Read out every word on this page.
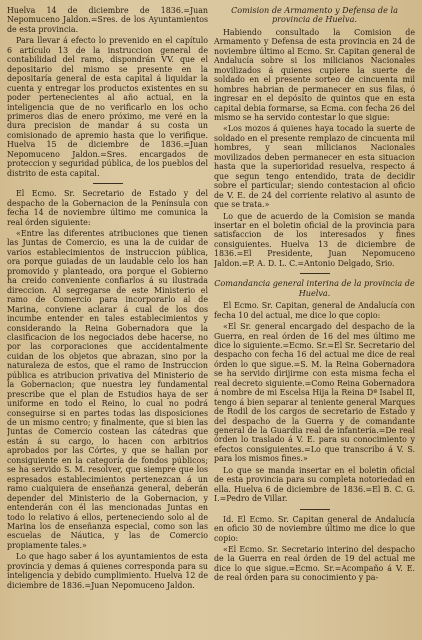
Huelva 14 de diciembre de 1836.=Juan Nepomuceno Jaldon.=Sres. de los Ayuntamientos de esta provincia.

Para llevar á efecto lo prevenido en el capítulo 6 artículo 13 de la instruccion general de contabilidad del ramo, dispondrán VV. que el depositario del mismo se presente en la depositaría general de esta capital á liquidar la cuenta y entregar los productos existentes en su poder pertenecientes al año actual, en la inteligencia que de no verificarlo en los ocho primeros dias de enero próximo, me veré en la dura precision de mandar á su costa un comisionado de apremio hasta que lo verifique. Huelva 15 de diciembre de 1836.=Juan Nepomuceno Jaldon.=Sres. encargados de proteccion y seguridad pública, de los pueblos del distrito de esta capital.

El Ecmo. Sr. Secretario de Estado y del despacho de la Gobernacion de la Península con fecha 14 de noviembre último me comunica la real órden siguiente:

«Entre las diferentes atribuciones que tienen las Juntas de Comercio, es una la de cuidar de varios establecimientos de instruccion pública, ora porque guiadas de un laudable celo los han promovido y planteado, ora porque el Gobierno ha creido conveniente confiarlos á su ilustrada direccion. Al segregarse de este Ministerio el ramo de Comercio para incorporarlo al de Marina, conviene aclarar á cual de los dos incumbe entender en tales establecimientos y considerando la Reina Gobernadora que la clasificacion de los negociados debe hacerse, no por las corporaciones que accidentalmente cuidan de los objetos que abrazan, sino por la naturaleza de estos, que el ramo de Instruccion pública es atribucion privativa del Ministerio de la Gobernacion; que nuestra ley fundamental prescribe que el plan de Estudios haya de ser uniforme en todo el Reino, lo cual no podrá conseguirse si en partes todas las disposiciones de un mismo centro; y finalmente, que si bien las Juntas de Comercio costean las cátedras que están á su cargo, lo hacen con arbitrios aprobados por las Córtes, y que se hallan por consiguiente en la categoría de fondos públicos; se ha servido S. M. resolver, que siempre que los espresados establecimientos pertenezcan á un ramo cualquiera de enseñanza general, deberán depender del Ministerio de la Gobernacion, y entenderán con él las mencionadas Juntas en todo lo relativo á ellos, perteneciendo solo al de Marina los de enseñanza especial, como son las escuelas de Náutica, y las de Comercio propiamente tales.»

Lo que hago saber á los ayuntamientos de esta provincia y demas á quienes corresponda para su inteligencia y debido cumplimiento. Huelva 12 de diciembre de 1836.=Juan Nepomuceno Jaldon.

Comision de Armamento y Defensa de la provincia de Huelva.

Habiendo consultado la Comision de Armamento y Defensa de esta provincia en 24 de noviembre último al Ecmo. Sr. Capitan general de Andalucía sobre si los milicianos Nacionales movilizados á quienes cupiere la suerte de soldado en el presente sorteo de cincuenta mil hombres habrian de permanecer en sus filas, ó ingresar en el depósito de quintos que en esta capital debia formarse, sa Ecma. con fecha 26 del mismo se ha servido contestar lo que sigue:

«Los mozos á quienes haya tocado la suerte de soldado en el presente remplazo de cincuenta mil hombres, y sean milicianos Nacionales movilizados deben permanecer en esta situacion hasta que la superioridad resuelva, respecto á que segun tengo entendido, trata de decidir sobre el particular; siendo contestacion al oficio de V. E. de 24 del corriente relativo al asunto de que se trata.»

Lo que de acuerdo de la Comision se manda insertar en el boletin oficial de la provincia para satisfaccion de los interesados y fines consiguientes. Huelva 13 de diciembre de 1836.=El Presidente, Juan Nepomuceno Jaldon.=P. A. D. L. C.=Antonio Delgado, Srio.

Comandancia general interina de la provincia de Huelva.

El Ecmo. Sr. Capitan, general de Andalucía con fecha 10 del actual, me dice lo que copio:

«El Sr. general encargado del despacho de la Guerra, en real órden de 16 del mes último me dice lo siguiente.=Ecmo. Sr.=El Sr. Secretario del despacho con fecha 16 del actual me dice de real órden lo que sigue.=S. M. la Reina Gobernadora se ha servido dirijirme con esta misma fecha el real decreto siguiente.=Como Reina Gobernadora á nombre de mi Escelsa Hija la Reina Dª Isabel II, tengo á bien separar al teniente general Marques de Rodil de los cargos de secretario de Estado y del despacho de la Guerra y de comandante general de la Guardia real de infantería.=De real órden lo traslado á V. E. para su conocimiento y efectos consiguientes.=Lo que transcribo á V. S. para los mismos fines.»

Lo que se manda insertar en el boletin oficial de esta provincia para su completa notoriedad en ella. Huelva 6 de diciembre de 1836.=El B. C. G. I.=Pedro de Villar.

Id. El Ecmo. Sr. Capitan general de Andalucía en oficio 30 de noviembre último me dice lo que copio:

«El Ecmo. Sr. Secretario interino del despacho de la Guerra en real órden de 19 del actual me dice lo que sigue.=Ecmo. Sr.=Acompaño á V. E. de real órden para su conocimiento y pa-
